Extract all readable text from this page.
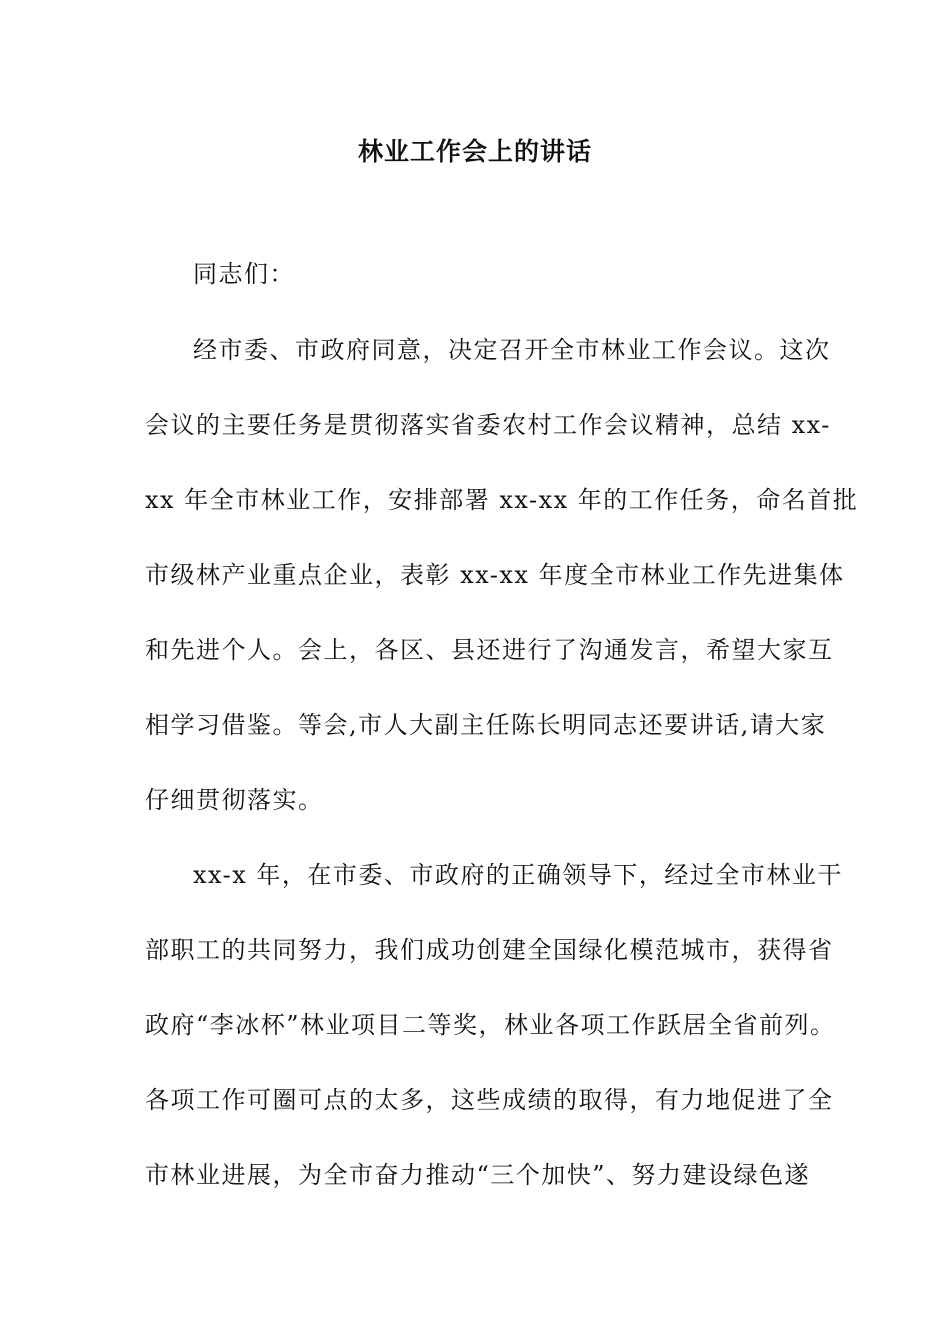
林业工作会上的讲话
同志们：
经市委、市政府同意，决定召开全市林业工作会议。这次
会议的主要任务是贯彻落实省委农村工作会议精神，总结 xx-
xx 年全市林业工作，安排部署 xx-xx 年的工作任务，命名首批
市级林产业重点企业，表彰 xx-xx 年度全市林业工作先进集体
和先进个人。会上，各区、县还进行了沟通发言，希望大家互
相学习借鉴。等会,市人大副主任陈长明同志还要讲话,请大家
仔细贯彻落实。
xx-x 年，在市委、市政府的正确领导下，经过全市林业干
部职工的共同努力，我们成功创建全国绿化模范城市，获得省
政府“李冰杯”林业项目二等奖，林业各项工作跃居全省前列。
各项工作可圈可点的太多，这些成绩的取得，有力地促进了全
市林业进展，为全市奋力推动“三个加快”、努力建设绿色遂
